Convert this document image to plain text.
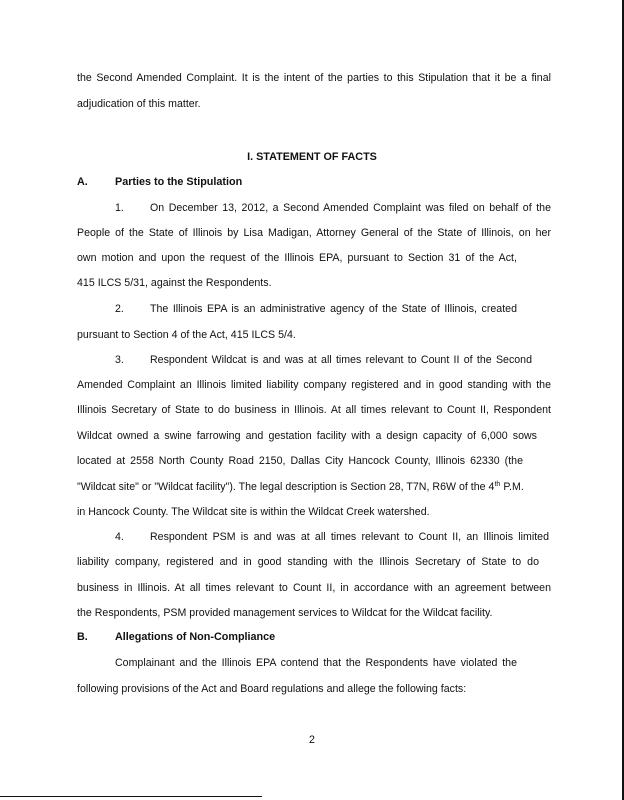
the Second Amended Complaint. It is the intent of the parties to this Stipulation that it be a final
adjudication of this matter.
I. STATEMENT OF FACTS
A.	Parties to the Stipulation
1. On December 13, 2012, a Second Amended Complaint was filed on behalf of the
People of the State of Illinois by Lisa Madigan, Attorney General of the State of Illinois, on her
own motion and upon the request of the Illinois EPA, pursuant to Section 31 of the Act,
415 ILCS 5/31, against the Respondents.
2. The Illinois EPA is an administrative agency of the State of Illinois, created
pursuant to Section 4 of the Act, 415 ILCS 5/4.
3. Respondent Wildcat is and was at all times relevant to Count II of the Second
Amended Complaint an Illinois limited liability company registered and in good standing with the
Illinois Secretary of State to do business in Illinois. At all times relevant to Count II, Respondent
Wildcat owned a swine farrowing and gestation facility with a design capacity of 6,000 sows
located at 2558 North County Road 2150, Dallas City Hancock County, Illinois 62330 (the
"Wildcat site" or "Wildcat facility"). The legal description is Section 28, T7N, R6W of the 4th P.M.
in Hancock County. The Wildcat site is within the Wildcat Creek watershed.
4. Respondent PSM is and was at all times relevant to Count II, an Illinois limited
liability company, registered and in good standing with the Illinois Secretary of State to do
business in Illinois. At all times relevant to Count II, in accordance with an agreement between
the Respondents, PSM provided management services to Wildcat for the Wildcat facility.
B.	Allegations of Non-Compliance
Complainant and the Illinois EPA contend that the Respondents have violated the
following provisions of the Act and Board regulations and allege the following facts:
2
